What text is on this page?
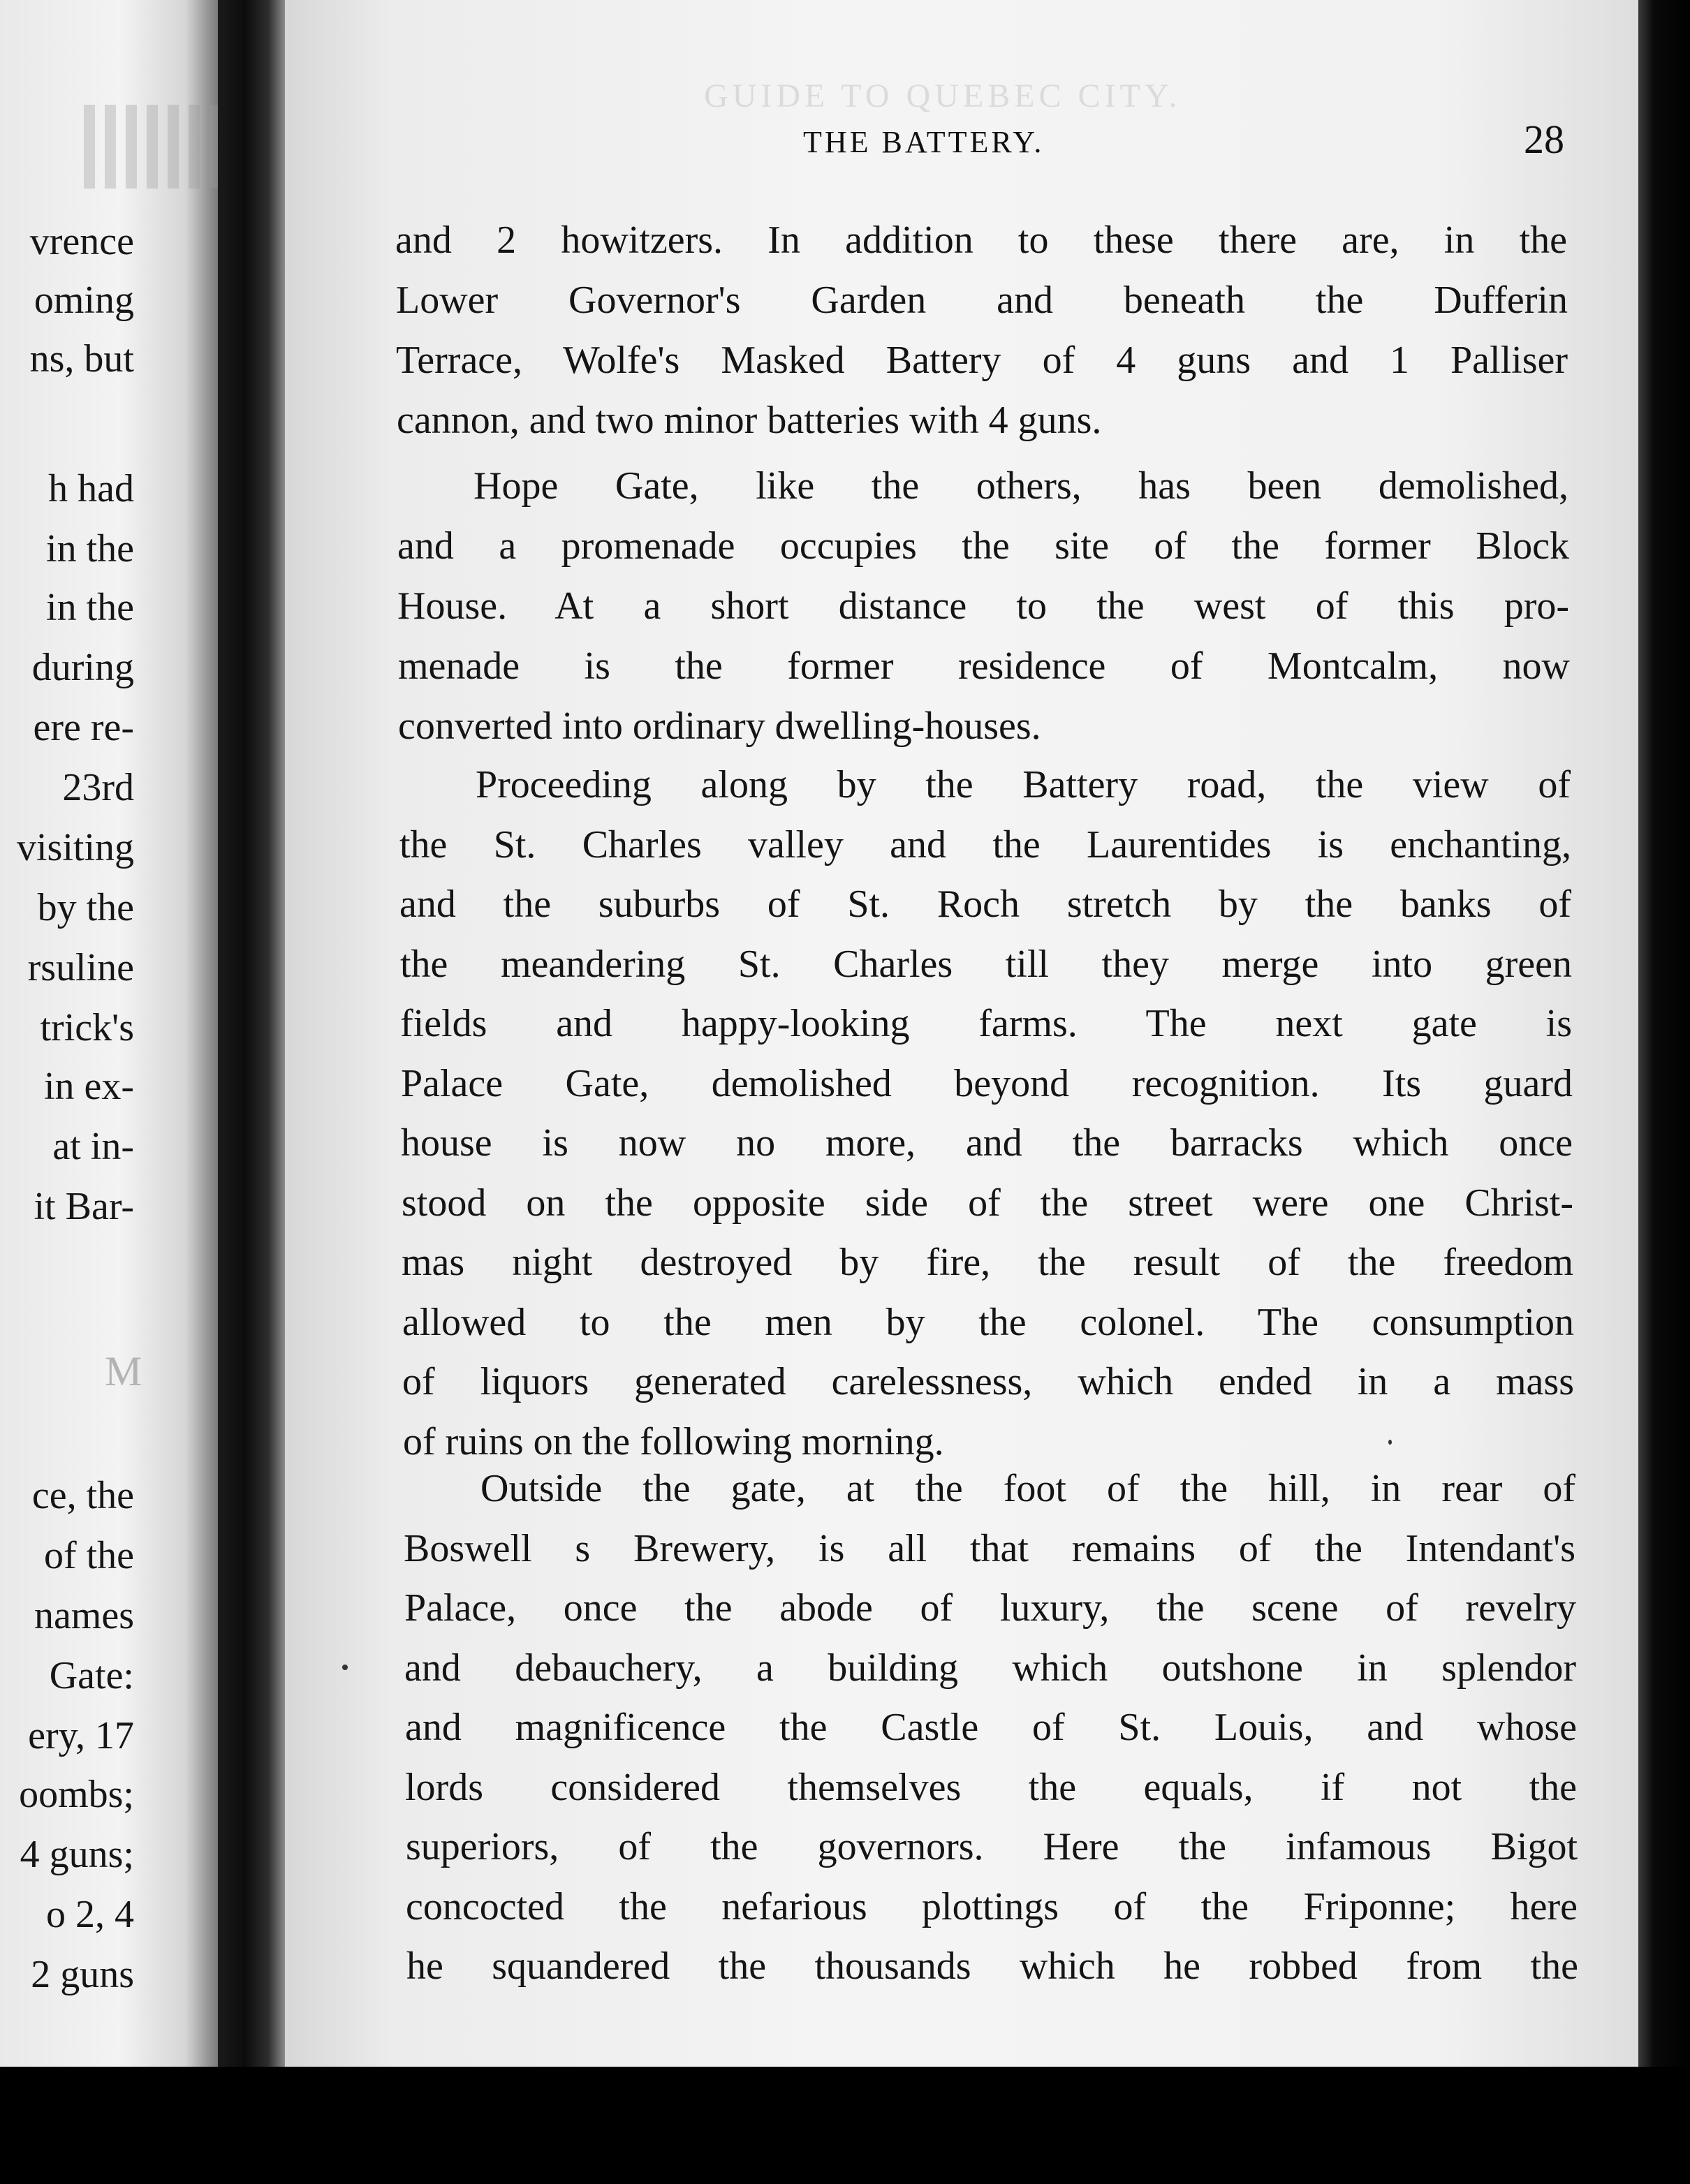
M
vrence
oming
ns, but
h had
in the
in the
during
ere re-
23rd
visiting
by the
rsuline
trick's
in ex-
at in-
it Bar-
ce, the
of the
names
Gate:
ery, 17
oombs;
4 guns;
o 2, 4
2 guns
GUIDE TO QUEBEC CITY.
THE BATTERY.	28
and 2 howitzers. In addition to these there are, in the
Lower Governor's Garden and beneath the Dufferin
Terrace, Wolfe's Masked Battery of 4 guns and 1 Palliser
cannon, and two minor batteries with 4 guns.
Hope Gate, like the others, has been demolished,
and a promenade occupies the site of the former Block
House. At a short distance to the west of this pro-
menade is the former residence of Montcalm, now
converted into ordinary dwelling-houses.
Proceeding along by the Battery road, the view of
the St. Charles valley and the Laurentides is enchanting,
and the suburbs of St. Roch stretch by the banks of
the meandering St. Charles till they merge into green
fields and happy-looking farms. The next gate is
Palace Gate, demolished beyond recognition. Its guard
house is now no more, and the barracks which once
stood on the opposite side of the street were one Christ-
mas night destroyed by fire, the result of the freedom
allowed to the men by the colonel. The consumption
of liquors generated carelessness, which ended in a mass
of ruins on the following morning.
Outside the gate, at the foot of the hill, in rear of
Boswell s Brewery, is all that remains of the Intendant's
Palace, once the abode of luxury, the scene of revelry
and debauchery, a building which outshone in splendor
and magnificence the Castle of St. Louis, and whose
lords considered themselves the equals, if not the
superiors, of the governors. Here the infamous Bigot
concocted the nefarious plottings of the Friponne; here
he squandered the thousands which he robbed from the
